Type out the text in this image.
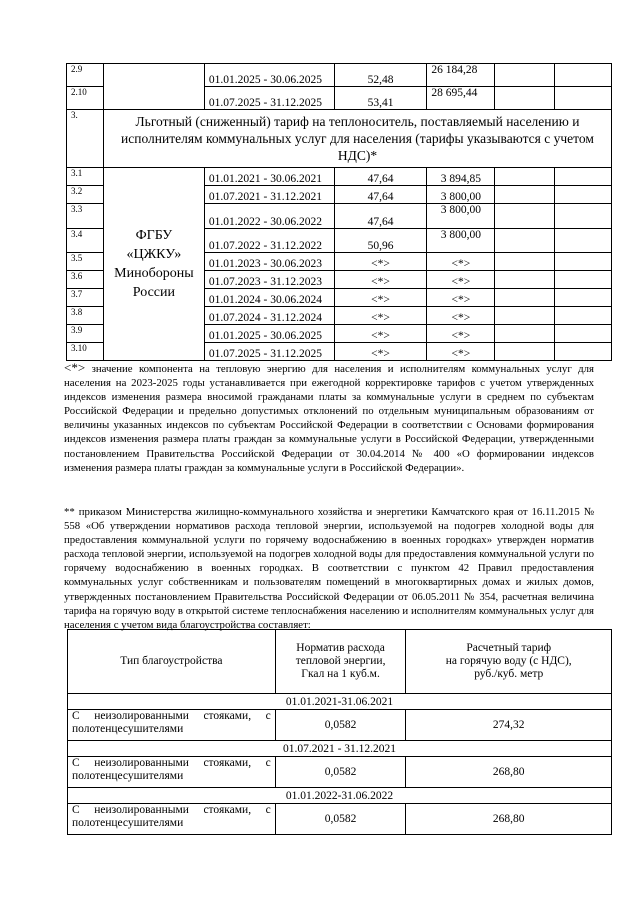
2.9		01.01.2025 - 30.06.2025	52,48	26 184,28		
2.10		01.07.2025 - 31.12.2025	53,41	28 695,44		
3.	Льготный (сниженный) тариф на теплоноситель, поставляемый населению и исполнителям коммунальных услуг для населения (тарифы указываются с учетом НДС)*					
3.1	ФГБУ
«ЦЖКУ»
Минобороны
России	01.01.2021 - 30.06.2021	47,64	3 894,85		
3.2		01.07.2021 - 31.12.2021	47,64	3 800,00		
3.3		01.01.2022 - 30.06.2022	47,64	3 800,00		
3.4		01.07.2022 - 31.12.2022	50,96	3 800,00		
3.5		01.01.2023 - 30.06.2023	<*>	<*>		
3.6		01.07.2023 - 31.12.2023	<*>	<*>		
3.7		01.01.2024 - 30.06.2024	<*>	<*>		
3.8		01.07.2024 - 31.12.2024	<*>	<*>		
3.9		01.01.2025 - 30.06.2025	<*>	<*>		
3.10		01.07.2025 - 31.12.2025	<*>	<*>		

<*> значение компонента на тепловую энергию для населения и исполнителям коммунальных услуг для населения на 2023-2025 годы устанавливается при ежегодной корректировке тарифов с учетом утвержденных индексов изменения размера вносимой гражданами платы за коммунальные услуги в среднем по субъектам Российской Федерации и предельно допустимых отклонений по отдельным муниципальным образованиям от величины указанных индексов по субъектам Российской Федерации в соответствии с Основами формирования индексов изменения размера платы граждан за коммунальные услуги в Российской Федерации, утвержденными постановлением Правительства Российской Федерации от 30.04.2014 № 400 «О формировании индексов изменения размера платы граждан за коммунальные услуги в Российской Федерации».

** приказом Министерства жилищно-коммунального хозяйства и энергетики Камчатского края от 16.11.2015 № 558 «Об утверждении нормативов расхода тепловой энергии, используемой на подогрев холодной воды для предоставления коммунальной услуги по горячему водоснабжению в военных городках» утвержден норматив расхода тепловой энергии, используемой на подогрев холодной воды для предоставления коммунальной услуги по горячему водоснабжению в военных городках. В соответствии с пунктом 42 Правил предоставления коммунальных услуг собственникам и пользователям помещений в многоквартирных домах и жилых домов, утвержденных постановлением Правительства Российской Федерации от 06.05.2011 № 354, расчетная величина тарифа на горячую воду в открытой системе теплоснабжения населению и исполнителям коммунальных услуг для населения с учетом вида благоустройства составляет:

Тип благоустройства	Норматив расхода
тепловой энергии,
Гкал на 1 куб.м.	Расчетный тариф
на горячую воду (с НДС),
руб./куб. метр
01.01.2021-31.06.2021		
С неизолированными стояками, с полотенцесушителями	0,0582	274,32
01.07.2021 - 31.12.2021		
С неизолированными стояками, с полотенцесушителями	0,0582	268,80
01.01.2022-31.06.2022		
С неизолированными стояками, с полотенцесушителями	0,0582	268,80
